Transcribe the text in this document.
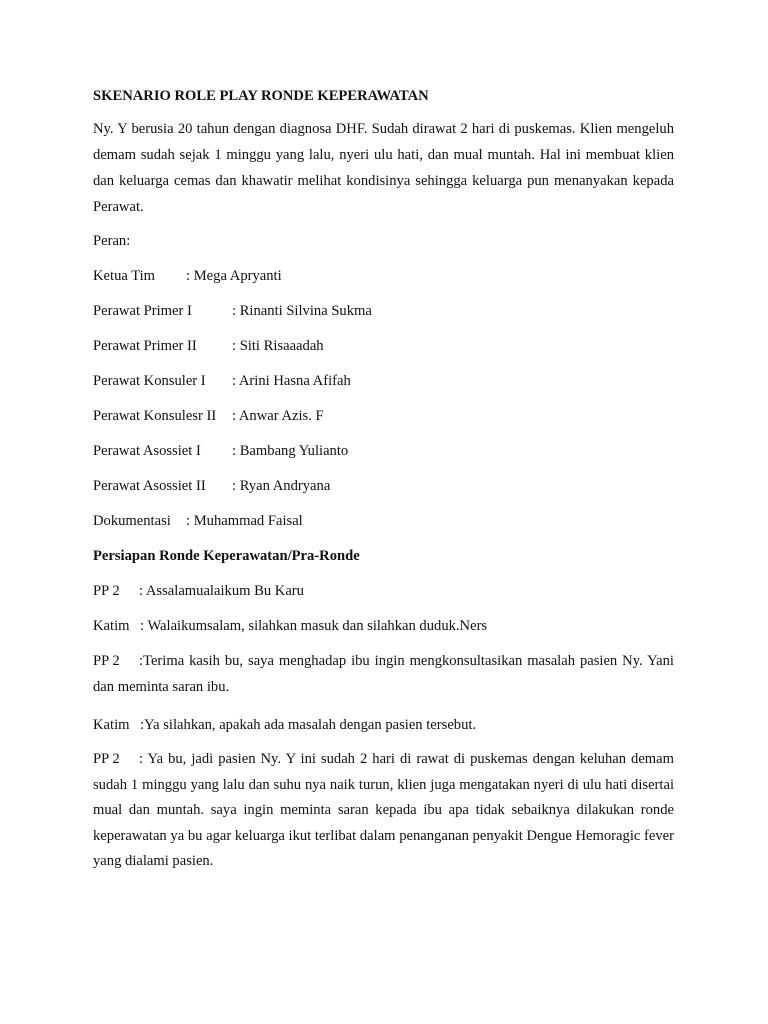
SKENARIO ROLE PLAY RONDE KEPERAWATAN

Ny. Y berusia 20 tahun dengan diagnosa DHF. Sudah dirawat 2 hari di puskemas. Klien mengeluh demam sudah sejak 1 minggu yang lalu, nyeri ulu hati, dan mual muntah. Hal ini membuat klien dan keluarga cemas dan khawatir melihat kondisinya sehingga keluarga pun menanyakan kepada Perawat.

Peran:

Ketua Tim : Mega Apryanti

Perawat Primer I	: Rinanti Silvina Sukma

Perawat Primer II : Siti Risaaadah

Perawat Konsuler I : Arini Hasna Afifah

Perawat Konsulesr II : Anwar Azis. F

Perawat Asossiet I : Bambang Yulianto

Perawat Asossiet II : Ryan Andryana

Dokumentasi : Muhammad Faisal

Persiapan Ronde Keperawatan/Pra-Ronde

PP 2 : Assalamualaikum Bu Karu

Katim : Walaikumsalam, silahkan masuk dan silahkan duduk.Ners

PP 2 :Terima kasih bu, saya menghadap ibu ingin mengkonsultasikan masalah pasien Ny. Yani dan meminta saran ibu.

Katim :Ya silahkan, apakah ada masalah dengan pasien tersebut.

PP 2 : Ya bu, jadi pasien Ny. Y ini sudah 2 hari di rawat di puskemas dengan keluhan demam sudah 1 minggu yang lalu dan suhu nya naik turun, klien juga mengatakan nyeri di ulu hati disertai mual dan muntah. saya ingin meminta saran kepada ibu apa tidak sebaiknya dilakukan ronde keperawatan ya bu agar keluarga ikut terlibat dalam penanganan penyakit Dengue Hemoragic fever yang dialami pasien.
